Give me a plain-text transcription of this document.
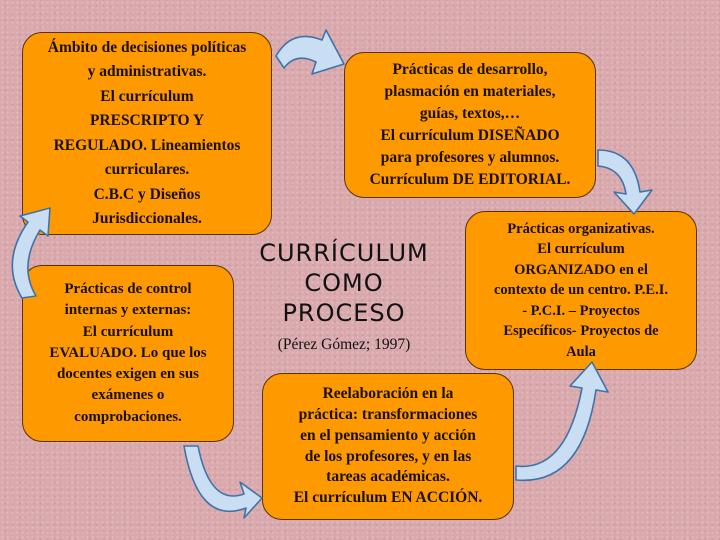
Ámbito de decisiones políticas
y administrativas.
El currículum
PRESCRIPTO Y
REGULADO. Lineamientos
curriculares.
C.B.C y Diseños
Jurisdiccionales.
Prácticas de desarrollo,
plasmación en materiales,
guías, textos,…
El currículum DISEÑADO
para profesores y alumnos.
Currículum DE EDITORIAL.
Prácticas organizativas.
El currículum
ORGANIZADO en el
contexto de un centro. P.E.I.
- P.C.I. – Proyectos
Específicos- Proyectos de
Aula
Reelaboración en la
práctica: transformaciones
en el pensamiento y acción
de los profesores, y en las
tareas académicas.
El currículum EN ACCIÓN.
Prácticas de control
internas y externas:
El currículum
EVALUADO. Lo que los
docentes exigen en sus
exámenes o
comprobaciones.
CURRÍCULUM
COMO
PROCESO
(Pérez Gómez; 1997)
